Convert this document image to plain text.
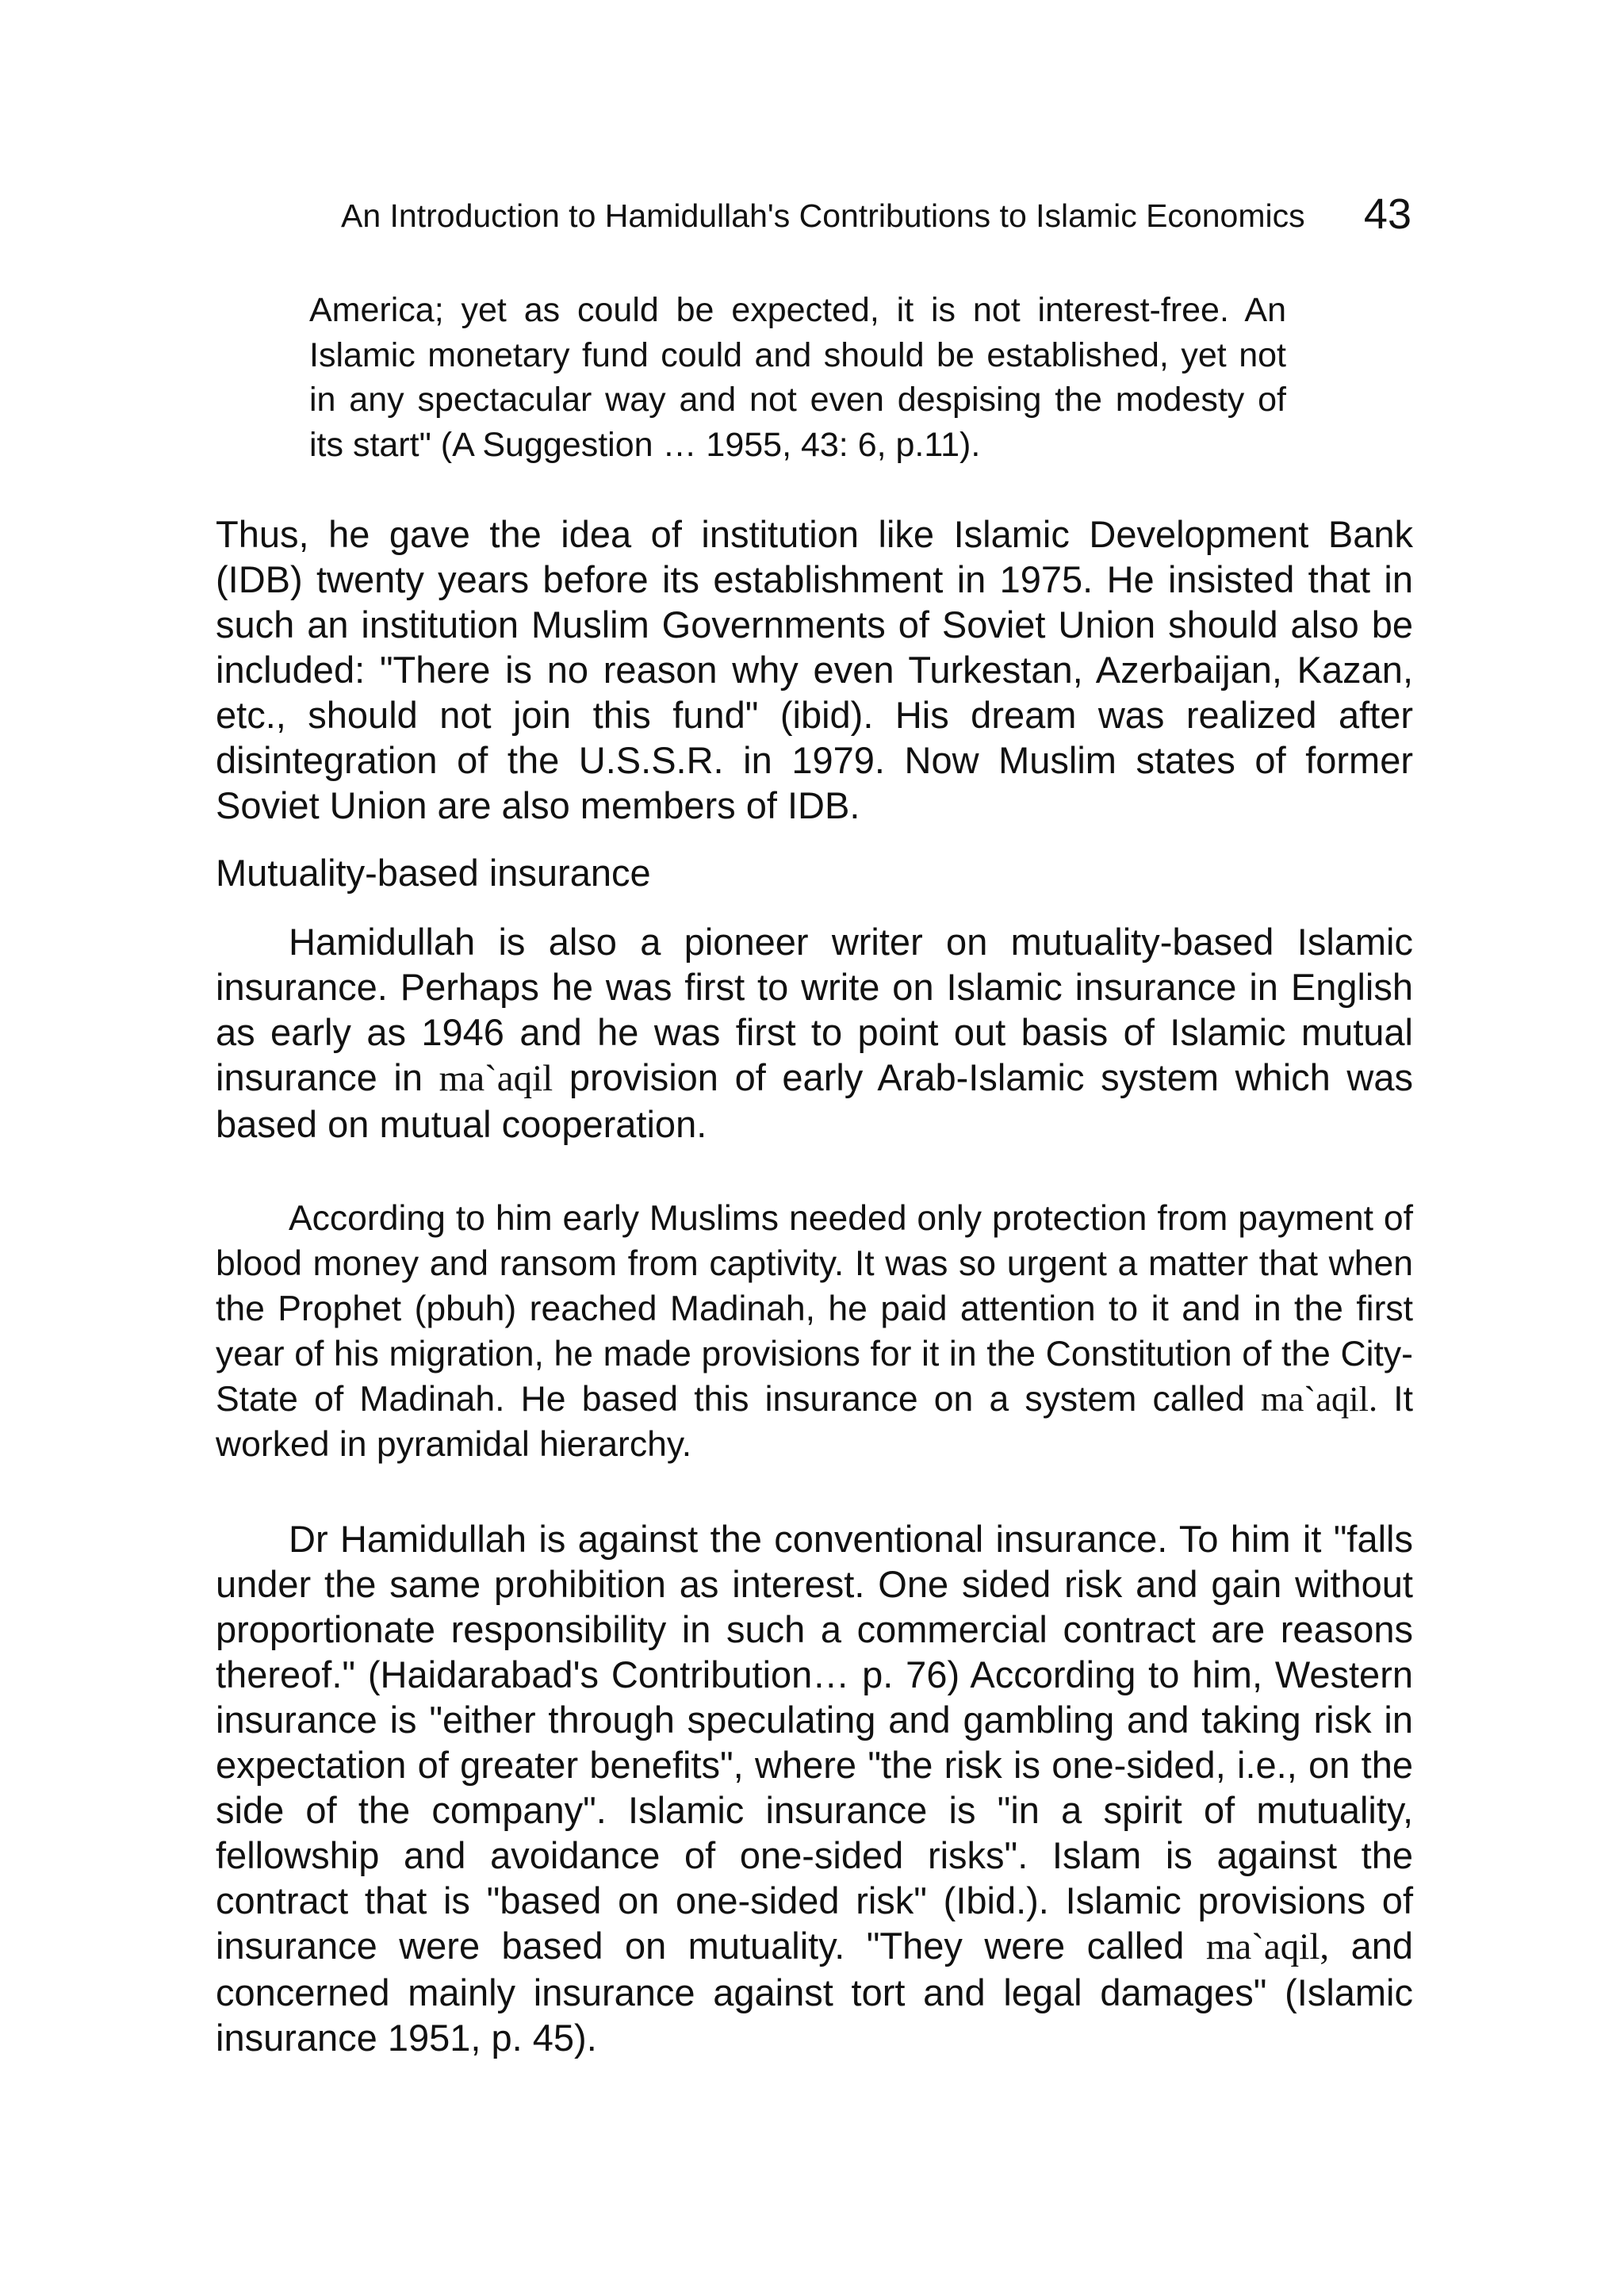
An Introduction to Hamidullah's Contributions to Islamic Economics 43

America; yet as could be expected, it is not interest-free. An Islamic monetary fund could and should be established, yet not in any spectacular way and not even despising the modesty of its start" (A Suggestion … 1955, 43: 6, p.11).

Thus, he gave the idea of institution like Islamic Development Bank (IDB) twenty years before its establishment in 1975. He insisted that in such an institution Muslim Governments of Soviet Union should also be included: "There is no reason why even Turkestan, Azerbaijan, Kazan, etc., should not join this fund" (ibid). His dream was realized after disintegration of the U.S.S.R. in 1979. Now Muslim states of former Soviet Union are also members of IDB.

Mutuality-based insurance

Hamidullah is also a pioneer writer on mutuality-based Islamic insurance. Perhaps he was first to write on Islamic insurance in English as early as 1946 and he was first to point out basis of Islamic mutual insurance in ma`aqil provision of early Arab-Islamic system which was based on mutual cooperation.

According to him early Muslims needed only protection from payment of blood money and ransom from captivity. It was so urgent a matter that when the Prophet (pbuh) reached Madinah, he paid attention to it and in the first year of his migration, he made provisions for it in the Constitution of the City-State of Madinah. He based this insurance on a system called ma`aqil. It worked in pyramidal hierarchy.

Dr Hamidullah is against the conventional insurance. To him it "falls under the same prohibition as interest. One sided risk and gain without proportionate responsibility in such a commercial contract are reasons thereof." (Haidarabad's Contribution… p. 76) According to him, Western insurance is "either through speculating and gambling and taking risk in expectation of greater benefits", where "the risk is one-sided, i.e., on the side of the company". Islamic insurance is "in a spirit of mutuality, fellowship and avoidance of one-sided risks". Islam is against the contract that is "based on one-sided risk" (Ibid.). Islamic provisions of insurance were based on mutuality. "They were called ma`aqil, and concerned mainly insurance against tort and legal damages" (Islamic insurance 1951, p. 45).
